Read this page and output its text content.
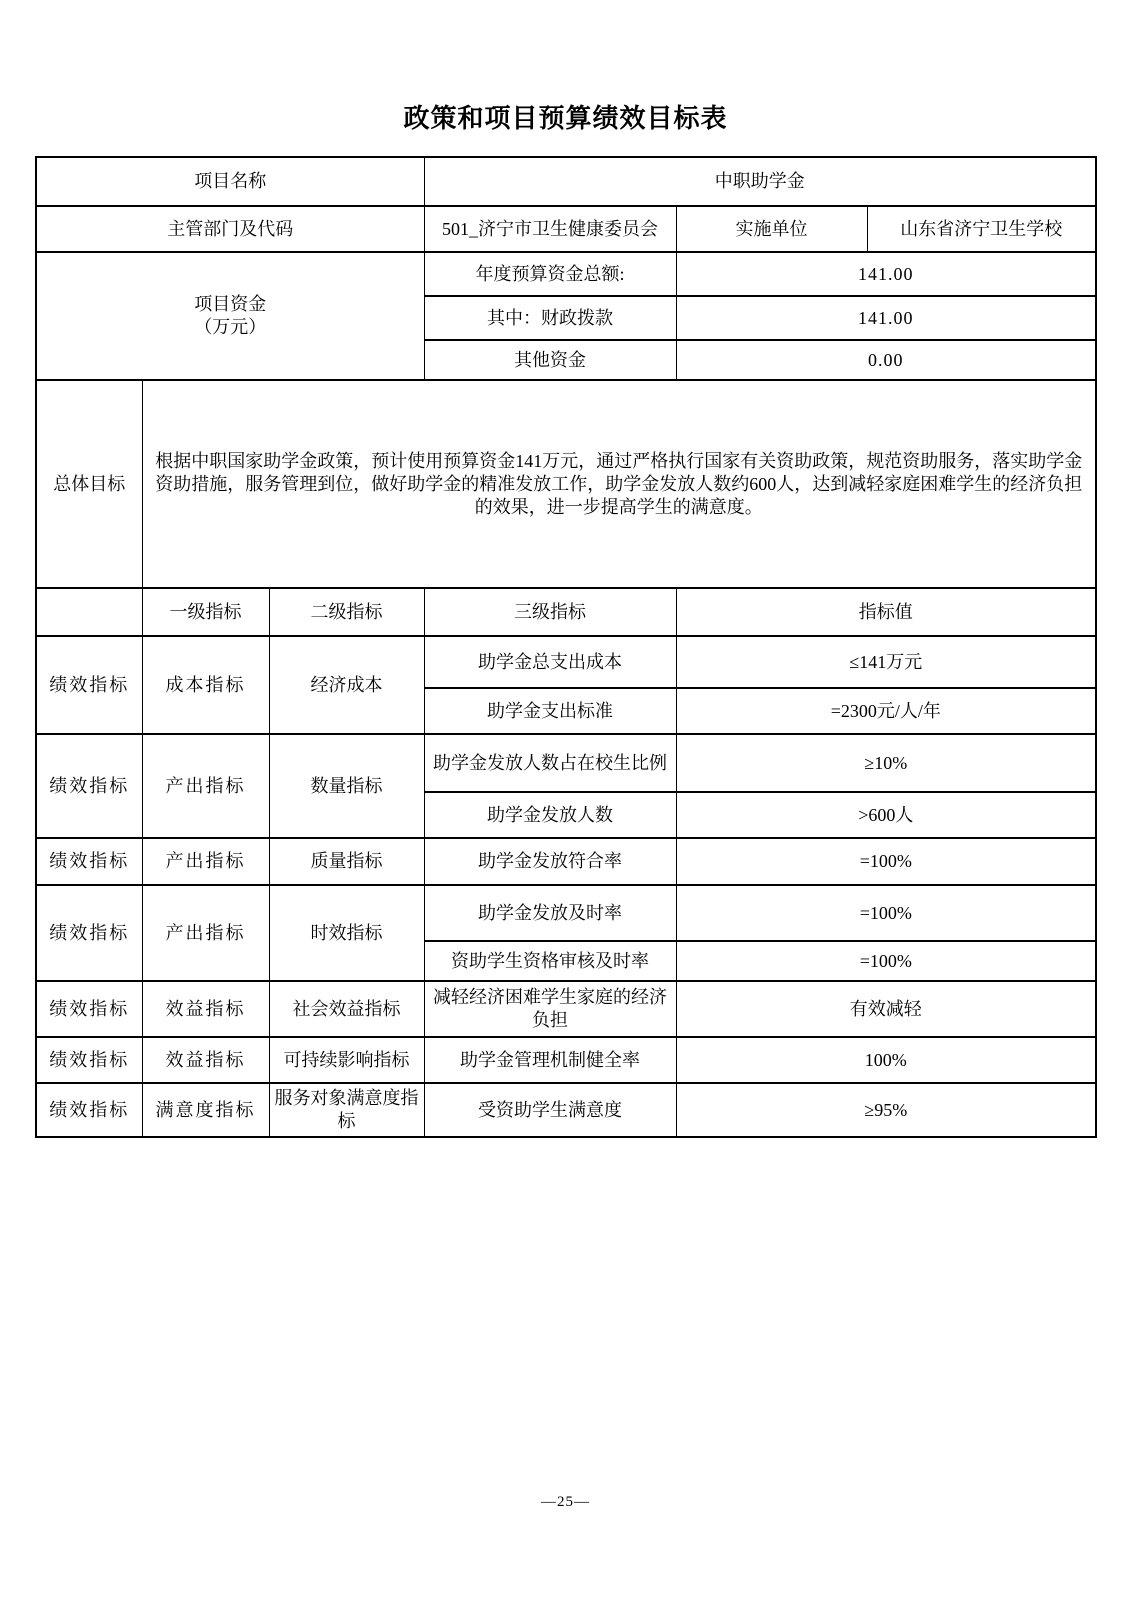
政策和项目预算绩效目标表
项目名称			中职助学金		
主管部门及代码			501_济宁市卫生健康委员会	实施单位	山东省济宁卫生学校
项目资金
（万元）			年度预算资金总额:	141.00	
			其中：财政拨款	141.00	
			其他资金	0.00	
总体目标	根据中职国家助学金政策，预计使用预算资金141万元，通过严格执行国家有关资助政策，规范资助服务，落实助学金资助措施，服务管理到位，做好助学金的精准发放工作，助学金发放人数约600人，达到减轻家庭困难学生的经济负担的效果，进一步提高学生的满意度。				
	一级指标	二级指标	三级指标	指标值	
绩效指标	成本指标	经济成本	助学金总支出成本	≤141万元	
			助学金支出标准	=2300元/人/年	
绩效指标	产出指标	数量指标	助学金发放人数占在校生比例	≥10%	
			助学金发放人数	>600人	
绩效指标	产出指标	质量指标	助学金发放符合率	=100%	
绩效指标	产出指标	时效指标	助学金发放及时率	=100%	
			资助学生资格审核及时率	=100%	
绩效指标	效益指标	社会效益指标	减轻经济困难学生家庭的经济负担	有效减轻	
绩效指标	效益指标	可持续影响指标	助学金管理机制健全率	100%	
绩效指标	满意度指标	服务对象满意度指标	受资助学生满意度	≥95%	
—25—
